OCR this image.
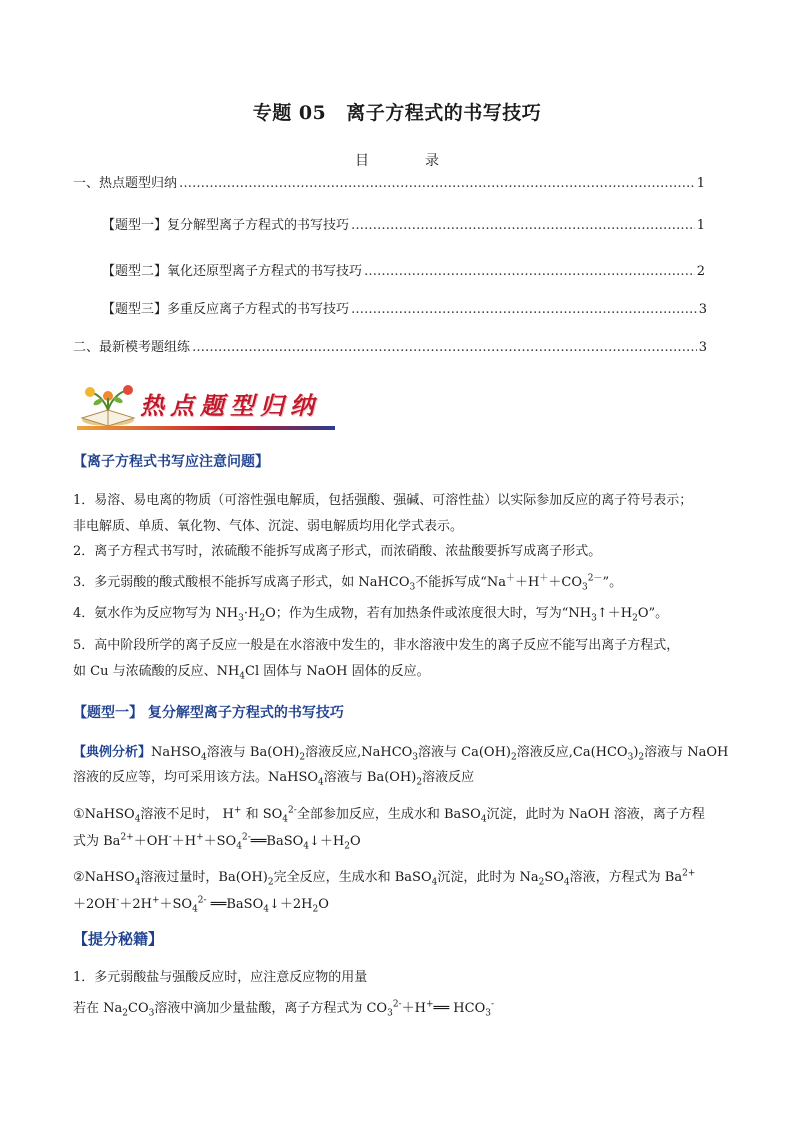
专题 05 离子方程式的书写技巧
目	录
一、热点题型归纳 ……………………………………………………………………………………………………………………………………………………………………………………………………………	1
【题型一】复分解型离子方程式的书写技巧 ……………………………………………………………………………………………………………………………………………………………………………………………………………	1
【题型二】氧化还原型离子方程式的书写技巧 ……………………………………………………………………………………………………………………………………………………………………………………………………………	2
【题型三】多重反应离子方程式的书写技巧 ……………………………………………………………………………………………………………………………………………………………………………………………………………	3
二、最新模考题组练 ……………………………………………………………………………………………………………………………………………………………………………………………………………	3
热点题型归纳
【离子方程式书写应注意问题】
1．易溶、易电离的物质（可溶性强电解质，包括强酸、强碱、可溶性盐）以实际参加反应的离子符号表示；
非电解质、单质、氧化物、气体、沉淀、弱电解质均用化学式表示。
2．离子方程式书写时，浓硫酸不能拆写成离子形式，而浓硝酸、浓盐酸要拆写成离子形式。
3．多元弱酸的酸式酸根不能拆写成离子形式，如 NaHCO$_3$不能拆写成“$Na^++H^++CO_3^{2-}$”。
4．氨水作为反应物写为 $NH_3\cdot H_2O$；作为生成物，若有加热条件或浓度很大时，写为“$NH_3↑+H_2O$”。
5．高中阶段所学的离子反应一般是在水溶液中发生的，非水溶液中发生的离子反应不能写出离子方程式，
如 Cu 与浓硫酸的反应、$NH_4Cl$ 固体与 NaOH 固体的反应。
【题型一】 复分解型离子方程式的书写技巧
【典例分析】NaHSO$_4$溶液与 $Ba(OH)_2$溶液反应,NaHCO$_3$溶液与 $Ca(OH)_2$溶液反应$,Ca(HCO_3)_2$溶液与 NaOH
溶液的反应等，均可采用该方法。NaHSO$_4$溶液与 $Ba(OH)_2$溶液反应
①NaHSO$_4$溶液不足时， H+ 和 $SO_4^{2-}$全部参加反应，生成水和 BaSO$_4$沉淀，此时为 NaOH 溶液，离子方程
式为 $Ba^{2+}+OH^-+H^++SO_4^{2-}══BaSO_4↓+H_2O$
②NaHSO$_4$溶液过量时，$Ba(OH)_2$完全反应，生成水和 BaSO$_4$沉淀，此时为 $Na_2SO_4$溶液，方程式为 $Ba^{2+}$
$+2OH^-+2H^++SO_4^{2-}$ $══BaSO_4↓+2H_2O$
【提分秘籍】
1．多元弱酸盐与强酸反应时，应注意反应物的用量
若在 $Na_2CO_3$溶液中滴加少量盐酸，离子方程式为 $CO_3^{2-}+H^+══$ $HCO_3^-$
